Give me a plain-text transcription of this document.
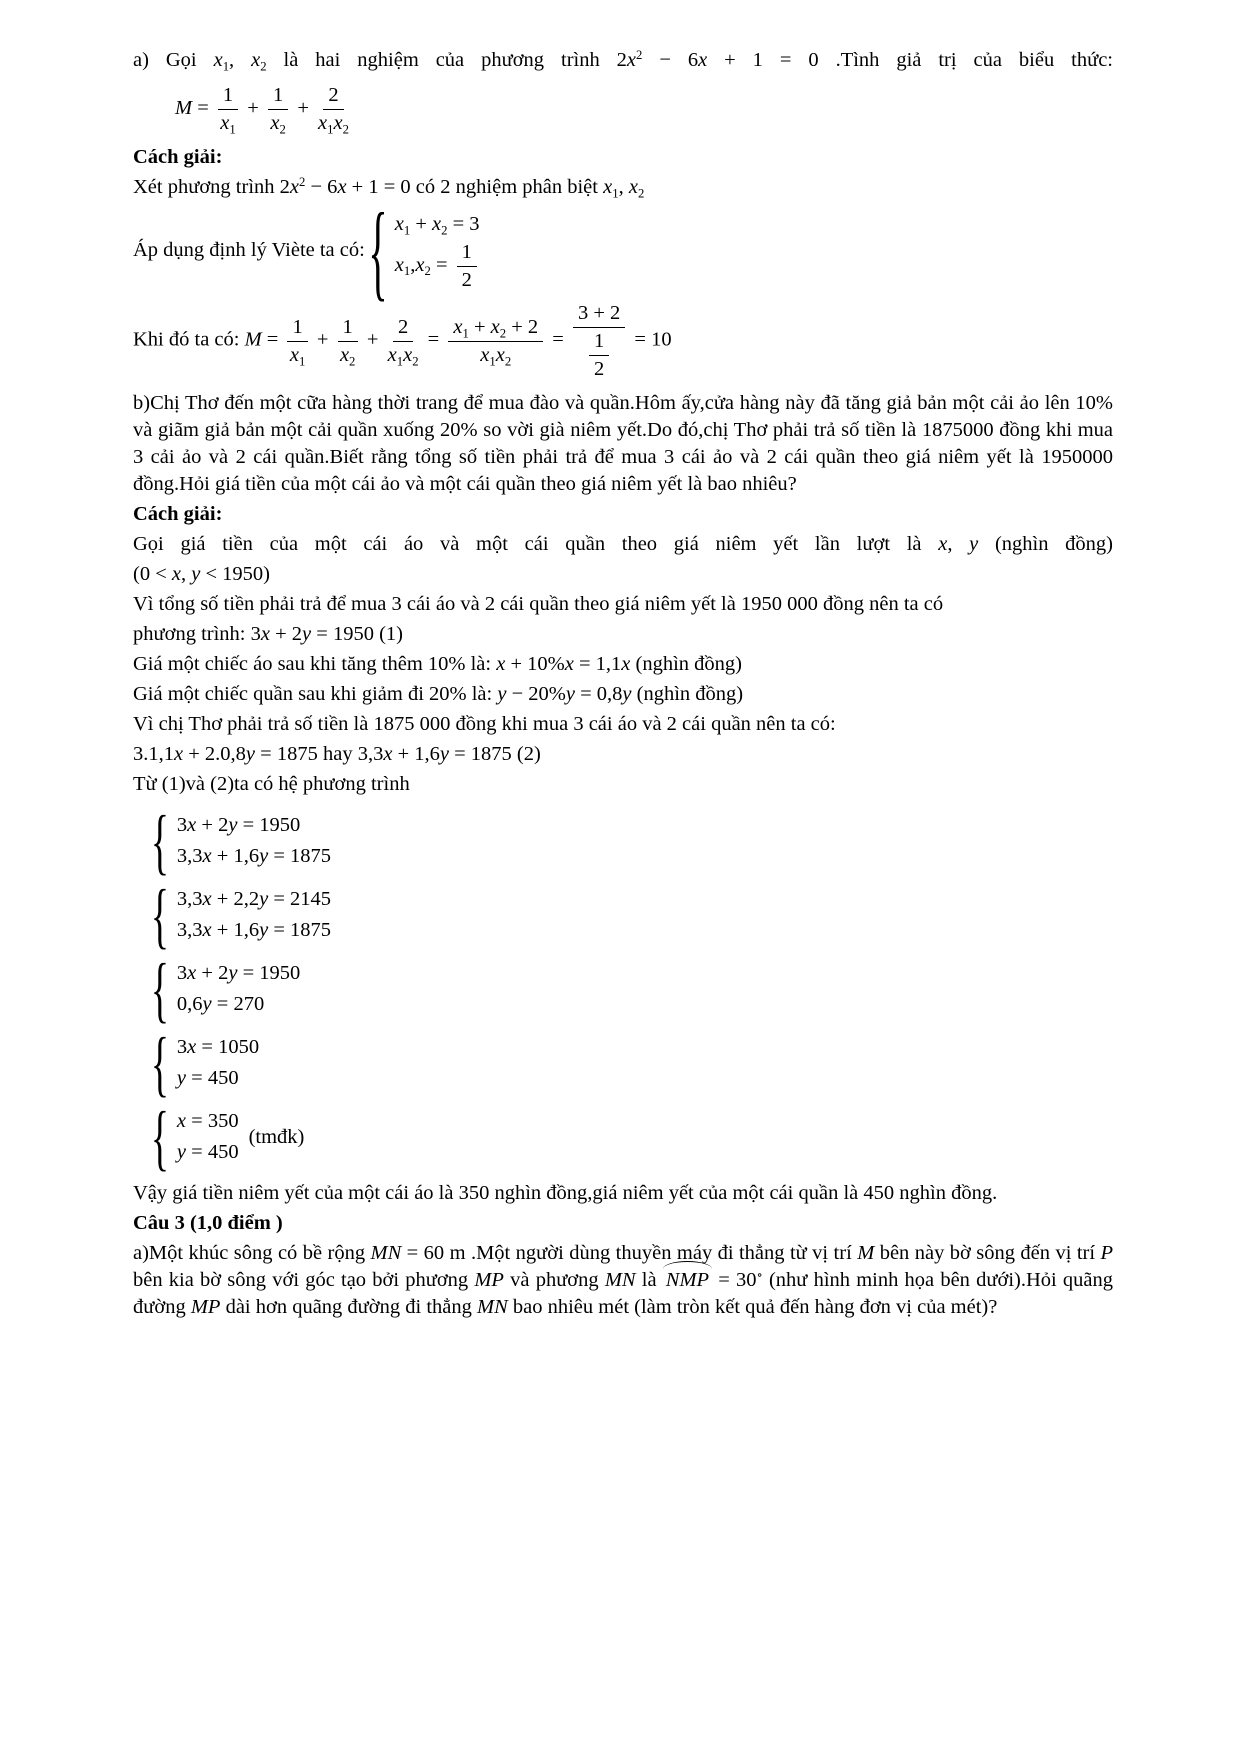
a) Gọi $x_1$, $x_2$ là hai nghiệm của phương trình $2x^2 - 6x + 1 = 0$ .Tình giả trị của biểu thức:
$M = \frac{1}{x_1} + \frac{1}{x_2} + \frac{2}{x_1x_2}$
Cách giải:
Xét phương trình $2x^2 - 6x + 1 = 0$ có 2 nghiệm phân biệt $x_1$, $x_2$
Áp dụng định lý Viète ta có:
{
$x_1 + x_2 = 3$
$x_1,x_2 = \frac{1}{2}$
Khi đó ta có: $M = \frac{1}{x_1} + \frac{1}{x_2} + \frac{2}{x_1x_2} = \frac{x_1 + x_2 + 2}{x_1x_2} = \frac{3 + 2}{\frac{1}{2}} = 10$
b)Chị Thơ đến một cữa hàng thời trang để mua đào và quần.Hôm ấy,cửa hàng này đã tăng giả bản một cải ảo lên 10% và giãm giả bản một cải quần xuống 20% so vời già niêm yết.Do đó,chị Thơ phải trả số tiền là 1875000 đồng khi mua 3 cải ảo và 2 cái quần.Biết rằng tổng số tiền phải trả để mua 3 cái ảo và 2 cái quần theo giá niêm yết là 1950000 đồng.Hỏi giá tiền của một cái ảo và một cái quần theo giá niêm yết là bao nhiêu?
Cách giải:
Gọi giá tiền của một cái áo và một cái quần theo giá niêm yết lần lượt là x, y (nghìn đồng)
(0 < x, y < 1950)
Vì tổng số tiền phải trả để mua 3 cái áo và 2 cái quần theo giá niêm yết là 1950 000 đồng nên ta có
phương trình: 3x + 2y = 1950 (1)
Giá một chiếc áo sau khi tăng thêm 10% là: x + 10%x = 1,1x (nghìn đồng)
Giá một chiếc quần sau khi giảm đi 20% là: y − 20%y = 0,8y (nghìn đồng)
Vì chị Thơ phải trả số tiền là 1875 000 đồng khi mua 3 cái áo và 2 cái quần nên ta có:
3.1,1x + 2.0,8y = 1875 hay 3,3x + 1,6y = 1875 (2)
Từ (1)và (2)ta có hệ phương trình
{
3x + 2y = 1950
3,3x + 1,6y = 1875
{
3,3x + 2,2y = 2145
3,3x + 1,6y = 1875
{
3x + 2y = 1950
0,6y = 270
{
3x = 1050
y = 450
{
x = 350
y = 450
(tmđk)
Vậy giá tiền niêm yết của một cái áo là 350 nghìn đồng,giá niêm yết của một cái quần là 450 nghìn đồng.
Câu 3 (1,0 điểm )
a)Một khúc sông có bề rộng MN = 60 m .Một người dùng thuyền máy đi thẳng từ vị trí M bên này bờ sông đến vị trí P bên kia bờ sông với góc tạo bởi phương MP và phương MN là NMP = 30∘ (như hình minh họa bên dưới).Hỏi quãng đường MP dài hơn quãng đường đi thẳng MN bao nhiêu mét (làm tròn kết quả đến hàng đơn vị của mét)?
